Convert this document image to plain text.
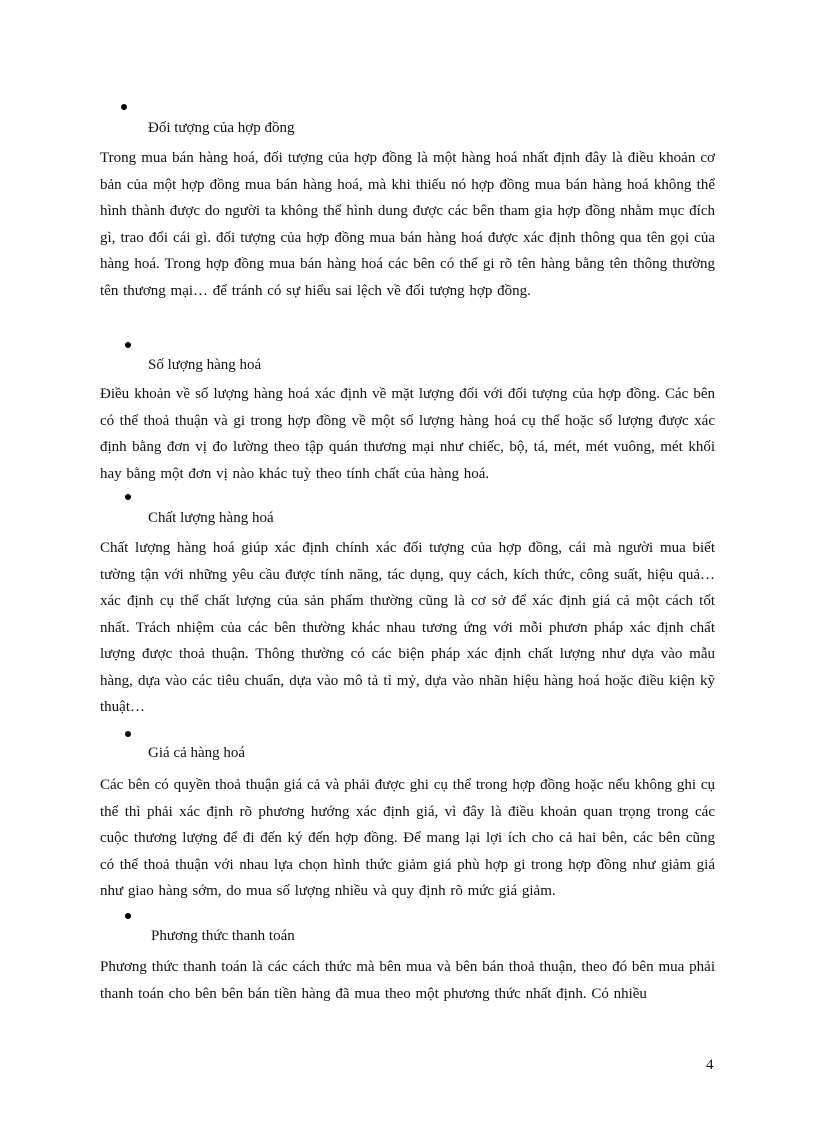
Đối tượng của hợp đồng
Trong mua bán hàng hoá, đối tượng của hợp đồng là một hàng hoá nhất định đây là điều khoản cơ bản của một hợp đồng mua bán hàng hoá, mà khi thiếu nó hợp đồng mua bán hàng hoá không thể hình thành được do người ta không thể hình dung được các bên tham gia hợp đồng nhằm mục đích gì, trao đổi cái gì. đối tượng của hợp đồng mua bán hàng hoá được xác định thông qua tên gọi của hàng hoá. Trong hợp đồng mua bán hàng hoá các bên có thể gi rõ tên hàng bằng tên thông thường tên thương mại… để tránh có sự hiểu sai lệch về đối tượng hợp đồng.
Số lượng hàng hoá
Điều khoản về số lượng hàng hoá xác định về mặt lượng đối với đối tượng của hợp đồng. Các bên có thể thoả thuận và gi trong hợp đồng về một số lượng hàng hoá cụ thể hoặc số lượng được xác định bằng đơn vị đo lường theo tập quán thương mại như chiếc, bộ, tá, mét, mét vuông, mét khối hay bằng một đơn vị nào khác tuỳ theo tính chất của hàng hoá.
Chất lượng hàng hoá
Chất lượng hàng hoá giúp xác định chính xác đối tượng của hợp đồng, cái mà người mua biết tường tận với những yêu cầu được tính năng, tác dụng, quy cách, kích thức, công suất, hiệu quả… xác định cụ thể chất lượng của sản phẩm thường cũng là cơ sở để xác định giá cả một cách tốt nhất. Trách nhiệm của các bên thường khác nhau tương ứng với mỗi phươn pháp xác định chất lượng được thoả thuận. Thông thường có các biện pháp xác định chất lượng như dựa vào mẫu hàng, dựa vào các tiêu chuẩn, dựa vào mô tả tỉ mỷ, dựa vào nhãn hiệu hàng hoá hoặc điều kiện kỹ thuật…
Giá cả hàng hoá
Các bên có quyền thoả thuận giá cả và phải được ghi cụ thể trong hợp đồng hoặc nếu không ghi cụ thể thì phải xác định rõ phương hướng xác định giá, vì đây là điều khoản quan trọng trong các cuộc thương lượng để đi đến ký đến hợp đồng. Để mang lại lợi ích cho cả hai bên, các bên cũng có thể thoả thuận với nhau lựa chọn hình thức giảm giá phù hợp gi trong hợp đồng như giảm giá như giao hàng sớm, do mua số lượng nhiều và quy định rõ mức giá giảm.
Phương thức thanh toán
Phương thức thanh toán là các cách thức mà bên mua và bên bán thoả thuận, theo đó bên mua phải thanh toán cho bên bên bán tiền hàng đã mua theo một phương thức nhất định. Có nhiều
4
